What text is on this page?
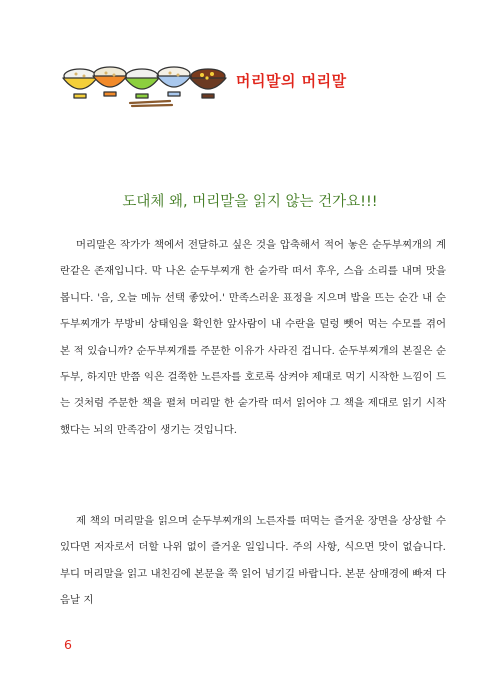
머리말의 머리말
도대체 왜, 머리말을 읽지 않는 건가요!!!

머리말은 작가가 책에서 전달하고 싶은 것을 압축해서 적어 놓은 순두부찌개의 계란같은 존재입니다. 막 나온 순두부찌개 한 숟가락 떠서 후우, 스읍 소리를 내며 맛을 봅니다. '음, 오늘 메뉴 선택 좋았어.' 만족스러운 표정을 지으며 밥을 뜨는 순간 내 순두부찌개가 무방비 상태임을 확인한 앞사람이 내 수란을 덜렁 뺏어 먹는 수모를 겪어본 적 있습니까? 순두부찌개를 주문한 이유가 사라진 겁니다. 순두부찌개의 본질은 순두부, 하지만 반쯤 익은 걸쭉한 노른자를 호로록 삼켜야 제대로 먹기 시작한 느낌이 드는 것처럼 주문한 책을 펼쳐 머리말 한 숟가락 떠서 읽어야 그 책을 제대로 읽기 시작했다는 뇌의 만족감이 생기는 것입니다.

제 책의 머리말을 읽으며 순두부찌개의 노른자를 떠먹는 즐거운 장면을 상상할 수 있다면 저자로서 더할 나위 없이 즐거운 일입니다. 주의 사항, 식으면 맛이 없습니다. 부디 머리말을 읽고 내친김에 본문을 쭉 읽어 넘기길 바랍니다. 본문 삼매경에 빠져 다음날 지

6
